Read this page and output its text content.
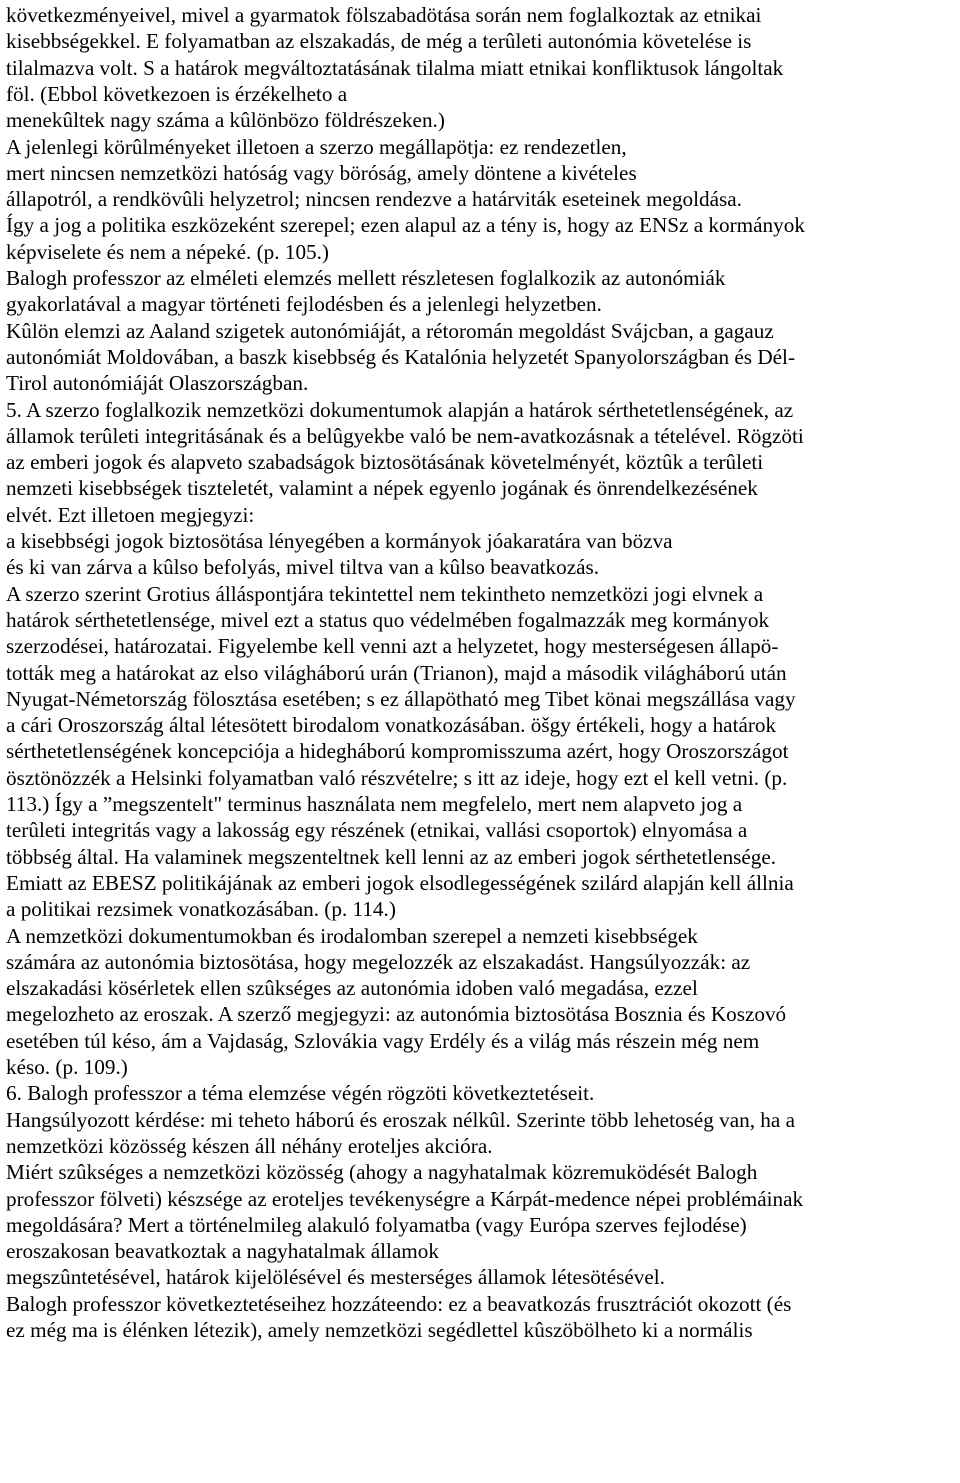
következményeivel, mivel a gyarmatok fölszabadötása során nem foglalkoztak az etnikai

kisebbségekkel. E folyamatban az elszakadás, de még a terûleti autonómia követelése is

tilalmazva volt. S a határok megváltoztatásának tilalma miatt etnikai konfliktusok lángoltak

föl. (Ebbol következoen is érzékelheto a

menekûltek nagy száma a kûlönbözo földrészeken.)

A jelenlegi körûlményeket illetoen a szerzo megállapötja: ez rendezetlen,

mert nincsen nemzetközi hatóság vagy böróság, amely döntene a kivételes

állapotról, a rendkövûli helyzetrol; nincsen rendezve a határviták eseteinek megoldása.

Így a jog a politika eszközeként szerepel; ezen alapul az a tény is, hogy az ENSz a kormányok

képviselete és nem a népeké. (p. 105.)

Balogh professzor az elméleti elemzés mellett részletesen foglalkozik az autonómiák

gyakorlatával a magyar történeti fejlodésben és a jelenlegi helyzetben.

Kûlön elemzi az Aaland szigetek autonómiáját, a rétoromán megoldást Svájcban, a gagauz

autonómiát Moldovában, a baszk kisebbség és Katalónia helyzetét Spanyolországban és Dél-

Tirol autonómiáját Olaszországban.

5. A szerzo foglalkozik nemzetközi dokumentumok alapján a határok sérthetetlenségének, az

államok terûleti integritásának és a belûgyekbe való be nem-avatkozásnak a tételével. Rögzöti

az emberi jogok és alapveto szabadságok biztosötásának követelményét, köztûk a terûleti

nemzeti kisebbségek tiszteletét, valamint a népek egyenlo jogának és önrendelkezésének

elvét. Ezt illetoen megjegyzi:

a kisebbségi jogok biztosötása lényegében a kormányok jóakaratára van bözva

és ki van zárva a kûlso befolyás, mivel tiltva van a kûlso beavatkozás.

A szerzo szerint Grotius álláspontjára tekintettel nem tekintheto nemzetközi jogi elvnek a

határok sérthetetlensége, mivel ezt a status quo védelmében fogalmazzák meg kormányok

szerzodései, határozatai. Figyelembe kell venni azt a helyzetet, hogy mesterségesen állapö-

tották meg a határokat az elso világháború urán (Trianon), majd a második világháború után

Nyugat-Németország fölosztása esetében; s ez állapötható meg Tibet könai megszállása vagy

a cári Oroszország által létesötett birodalom vonatkozásában. öšgy értékeli, hogy a határok

sérthetetlenségének koncepciója a hidegháború kompromisszuma azért, hogy Oroszországot

ösztönözzék a Helsinki folyamatban való részvételre; s itt az ideje, hogy ezt el kell vetni. (p.

113.) Így a ”megszentelt" terminus használata nem megfelelo, mert nem alapveto jog a

terûleti integritás vagy a lakosság egy részének (etnikai, vallási csoportok) elnyomása a

többség által. Ha valaminek megszenteltnek kell lenni az az emberi jogok sérthetetlensége.

Emiatt az EBESZ politikájának az emberi jogok elsodlegességének szilárd alapján kell állnia

a politikai rezsimek vonatkozásában. (p. 114.)

A nemzetközi dokumentumokban és irodalomban szerepel a nemzeti kisebbségek

számára az autonómia biztosötása, hogy megelozzék az elszakadást. Hangsúlyozzák: az

elszakadási kösérletek ellen szûkséges az autonómia idoben való megadása, ezzel

megelozheto az eroszak. A szerző megjegyzi: az autonómia biztosötása Bosznia és Koszovó

esetében túl késo, ám a Vajdaság, Szlovákia vagy Erdély és a világ más részein még nem

késo. (p. 109.)

6. Balogh professzor a téma elemzése végén rögzöti következtetéseit.

Hangsúlyozott kérdése: mi teheto háború és eroszak nélkûl. Szerinte több lehetoség van, ha a

nemzetközi közösség készen áll néhány eroteljes akcióra.

Miért szûkséges a nemzetközi közösség (ahogy a nagyhatalmak közremuködését Balogh

professzor fölveti) készsége az eroteljes tevékenységre a Kárpát-medence népei problémáinak

megoldására? Mert a történelmileg alakuló folyamatba (vagy Európa szerves fejlodése)

eroszakosan beavatkoztak a nagyhatalmak államok

megszûntetésével, határok kijelölésével és mesterséges államok létesötésével.

Balogh professzor következtetéseihez hozzáteendo: ez a beavatkozás frusztrációt okozott (és

ez még ma is élénken létezik), amely nemzetközi segédlettel kûszöbölheto ki a normális
